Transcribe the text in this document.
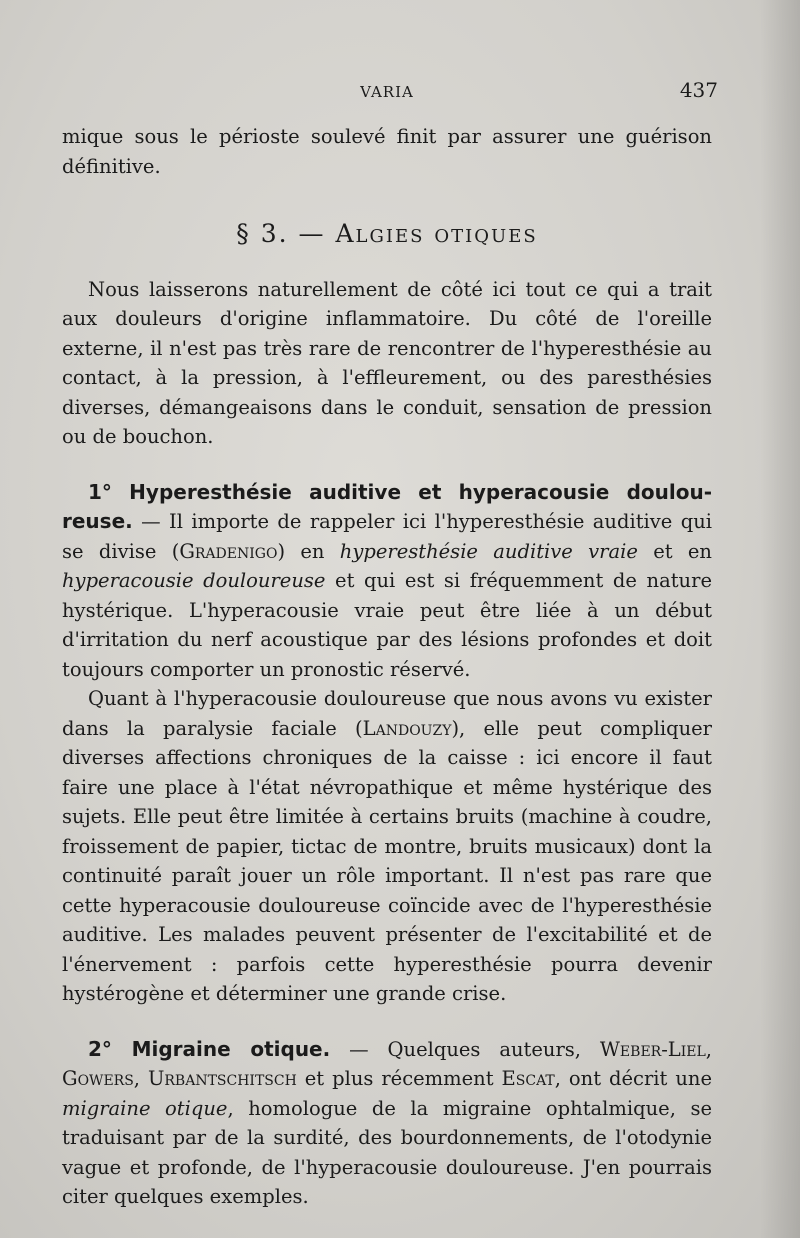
VARIA	437

mique sous le périoste soulevé finit par assurer une guérison définitive.

§ 3. — Algies otiques

Nous laisserons naturellement de côté ici tout ce qui a trait aux douleurs d'origine inflammatoire. Du côté de l'oreille externe, il n'est pas très rare de rencontrer de l'hyperesthésie au contact, à la pression, à l'effleurement, ou des paresthésies diverses, démangeaisons dans le conduit, sensation de pression ou de bouchon.

1° Hyperesthésie auditive et hyperacousie doulou-reuse. — Il importe de rappeler ici l'hyperesthésie auditive qui se divise (Gradenigo) en hyperesthésie auditive vraie et en hyperacousie douloureuse et qui est si fréquemment de nature hystérique. L'hyperacousie vraie peut être liée à un début d'irritation du nerf acoustique par des lésions profondes et doit toujours comporter un pronostic réservé.

Quant à l'hyperacousie douloureuse que nous avons vu exister dans la paralysie faciale (Landouzy), elle peut compliquer diverses affections chroniques de la caisse : ici encore il faut faire une place à l'état névropathique et même hystérique des sujets. Elle peut être limitée à certains bruits (machine à coudre, froissement de papier, tictac de montre, bruits musicaux) dont la continuité paraît jouer un rôle important. Il n'est pas rare que cette hyperacousie douloureuse coïncide avec de l'hyperesthésie auditive. Les malades peuvent présenter de l'excitabilité et de l'énervement : parfois cette hyperesthésie pourra devenir hystérogène et déterminer une grande crise.

2° Migraine otique. — Quelques auteurs, Weber-Liel, Gowers, Urbantschitsch et plus récemment Escat, ont décrit une migraine otique, homologue de la migraine ophtalmique, se traduisant par de la surdité, des bourdonnements, de l'otodynie vague et profonde, de l'hyperacousie douloureuse. J'en pourrais citer quelques exemples.
